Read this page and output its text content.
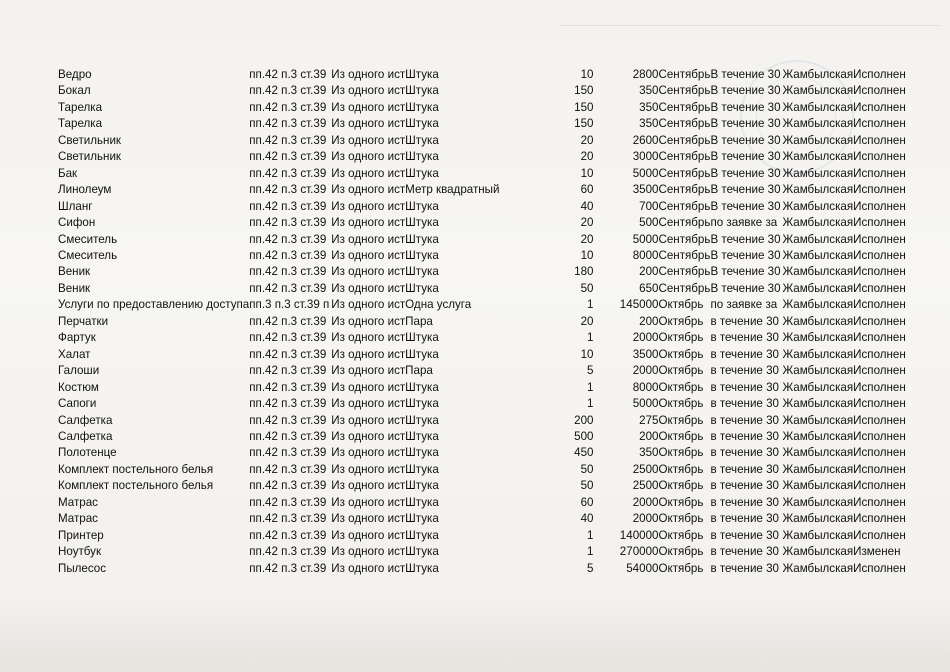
Ведро	пп.42 п.3 ст.39	Из одного ист	Штука	10	2800	Сентябрь	В течение 30	Жамбылская	Исполнен
Бокал	пп.42 п.3 ст.39	Из одного ист	Штука	150	350	Сентябрь	В течение 30	Жамбылская	Исполнен
Тарелка	пп.42 п.3 ст.39	Из одного ист	Штука	150	350	Сентябрь	В течение 30	Жамбылская	Исполнен
Тарелка	пп.42 п.3 ст.39	Из одного ист	Штука	150	350	Сентябрь	В течение 30	Жамбылская	Исполнен
Светильник	пп.42 п.3 ст.39	Из одного ист	Штука	20	2600	Сентябрь	В течение 30	Жамбылская	Исполнен
Светильник	пп.42 п.3 ст.39	Из одного ист	Штука	20	3000	Сентябрь	В течение 30	Жамбылская	Исполнен
Бак	пп.42 п.3 ст.39	Из одного ист	Штука	10	5000	Сентябрь	В течение 30	Жамбылская	Исполнен
Линолеум	пп.42 п.3 ст.39	Из одного ист	Метр квадратный	60	3500	Сентябрь	В течение 30	Жамбылская	Исполнен
Шланг	пп.42 п.3 ст.39	Из одного ист	Штука	40	700	Сентябрь	В течение 30	Жамбылская	Исполнен
Сифон	пп.42 п.3 ст.39	Из одного ист	Штука	20	500	Сентябрь	по заявке за	Жамбылская	Исполнен
Смеситель	пп.42 п.3 ст.39	Из одного ист	Штука	20	5000	Сентябрь	В течение 30	Жамбылская	Исполнен
Смеситель	пп.42 п.3 ст.39	Из одного ист	Штука	10	8000	Сентябрь	В течение 30	Жамбылская	Исполнен
Веник	пп.42 п.3 ст.39	Из одного ист	Штука	180	200	Сентябрь	В течение 30	Жамбылская	Исполнен
Веник	пп.42 п.3 ст.39	Из одного ист	Штука	50	650	Сентябрь	В течение 30	Жамбылская	Исполнен
Услуги по предоставлению доступа	пп.3 п.3 ст.39 п	Из одного ист	Одна услуга	1	145000	Октябрь	по заявке за	Жамбылская	Исполнен
Перчатки	пп.42 п.3 ст.39	Из одного ист	Пара	20	200	Октябрь	в течение 30	Жамбылская	Исполнен
Фартук	пп.42 п.3 ст.39	Из одного ист	Штука	1	2000	Октябрь	в течение 30	Жамбылская	Исполнен
Халат	пп.42 п.3 ст.39	Из одного ист	Штука	10	3500	Октябрь	в течение 30	Жамбылская	Исполнен
Галоши	пп.42 п.3 ст.39	Из одного ист	Пара	5	2000	Октябрь	в течение 30	Жамбылская	Исполнен
Костюм	пп.42 п.3 ст.39	Из одного ист	Штука	1	8000	Октябрь	в течение 30	Жамбылская	Исполнен
Сапоги	пп.42 п.3 ст.39	Из одного ист	Штука	1	5000	Октябрь	в течение 30	Жамбылская	Исполнен
Салфетка	пп.42 п.3 ст.39	Из одного ист	Штука	200	275	Октябрь	в течение 30	Жамбылская	Исполнен
Салфетка	пп.42 п.3 ст.39	Из одного ист	Штука	500	200	Октябрь	в течение 30	Жамбылская	Исполнен
Полотенце	пп.42 п.3 ст.39	Из одного ист	Штука	450	350	Октябрь	в течение 30	Жамбылская	Исполнен
Комплект постельного белья	пп.42 п.3 ст.39	Из одного ист	Штука	50	2500	Октябрь	в течение 30	Жамбылская	Исполнен
Комплект постельного белья	пп.42 п.3 ст.39	Из одного ист	Штука	50	2500	Октябрь	в течение 30	Жамбылская	Исполнен
Матрас	пп.42 п.3 ст.39	Из одного ист	Штука	60	2000	Октябрь	в течение 30	Жамбылская	Исполнен
Матрас	пп.42 п.3 ст.39	Из одного ист	Штука	40	2000	Октябрь	в течение 30	Жамбылская	Исполнен
Принтер	пп.42 п.3 ст.39	Из одного ист	Штука	1	140000	Октябрь	в течение 30	Жамбылская	Исполнен
Ноутбук	пп.42 п.3 ст.39	Из одного ист	Штука	1	270000	Октябрь	в течение 30	Жамбылская	Изменен
Пылесос	пп.42 п.3 ст.39	Из одного ист	Штука	5	54000	Октябрь	в течение 30	Жамбылская	Исполнен
